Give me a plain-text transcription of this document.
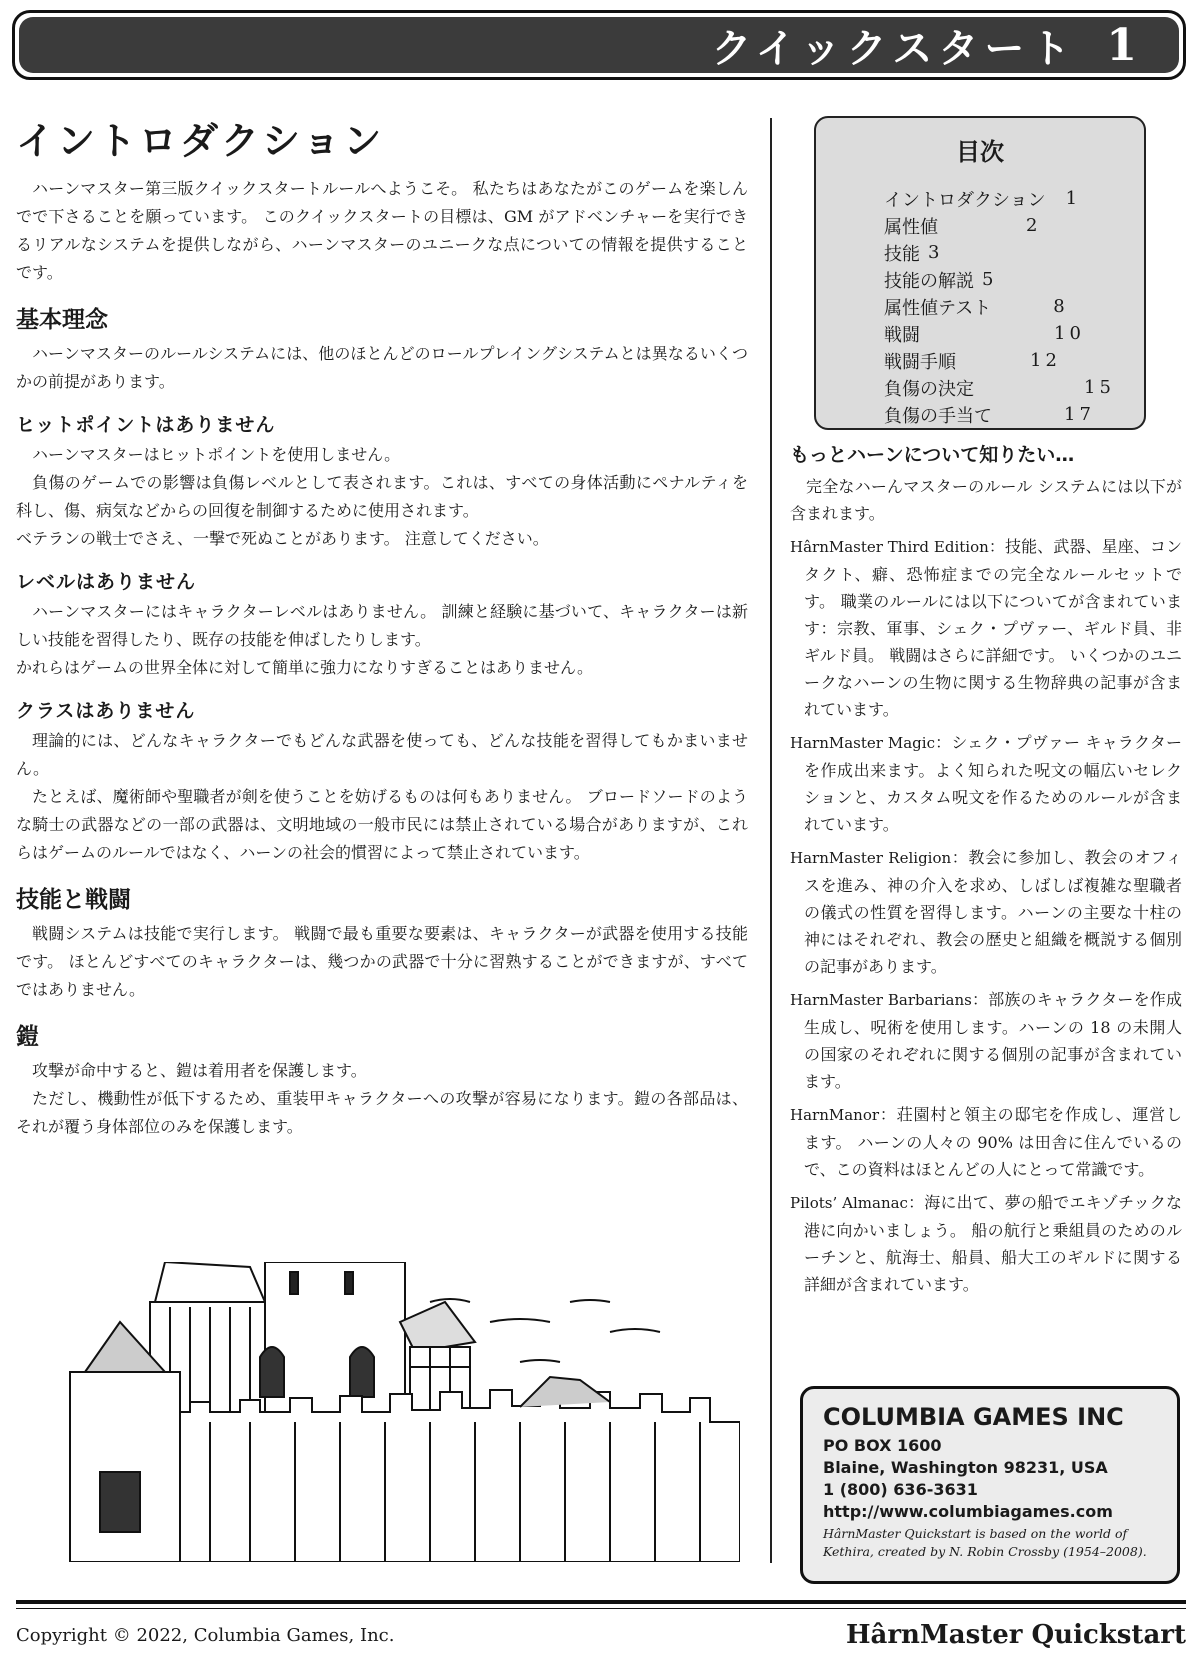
クイックスタート 1
イントロダクション

ハーンマスター第三版クイックスタートルールへようこそ。 私たちはあなたがこのゲームを楽しんでで下さることを願っています。 このクイックスタートの目標は、GM がアドベンチャーを実行できるリアルなシステムを提供しながら、ハーンマスターのユニークな点についての情報を提供することです。

基本理念

ハーンマスターのルールシステムには、他のほとんどのロールプレイングシステムとは異なるいくつかの前提があります。

ヒットポイントはありません

ハーンマスターはヒットポイントを使用しません。

負傷のゲームでの影響は負傷レベルとして表されます。これは、すべての身体活動にペナルティを科し、傷、病気などからの回復を制御するために使用されます。

ベテランの戦士でさえ、一撃で死ぬことがあります。 注意してください。

レベルはありません

ハーンマスターにはキャラクターレベルはありません。 訓練と経験に基づいて、キャラクターは新しい技能を習得したり、既存の技能を伸ばしたりします。

かれらはゲームの世界全体に対して簡単に強力になりすぎることはありません。

クラスはありません

理論的には、どんなキャラクターでもどんな武器を使っても、どんな技能を習得してもかまいません。

たとえば、魔術師や聖職者が剣を使うことを妨げるものは何もありません。 ブロードソードのような騎士の武器などの一部の武器は、文明地域の一般市民には禁止されている場合がありますが、これらはゲームのルールではなく、ハーンの社会的慣習によって禁止されています。

技能と戦闘

戦闘システムは技能で実行します。 戦闘で最も重要な要素は、キャラクターが武器を使用する技能です。 ほとんどすべてのキャラクターは、幾つかの武器で十分に習熟することができますが、すべてではありません。

鎧

攻撃が命中すると、鎧は着用者を保護します。

ただし、機動性が低下するため、重装甲キャラクターへの攻撃が容易になります。鎧の各部品は、それが覆う身体部位のみを保護します。

目次
イントロダクション 1
属性値	2
技能 3
技能の解説 5
属性値テスト	8
戦闘	10
戦闘手順	12
負傷の決定	15
負傷の手当て	17
もっとハーンについて知りたい…

完全なハーんマスターのルール システムには以下が含まれます。

HârnMaster Third Edition：技能、武器、星座、コンタクト、癖、恐怖症までの完全なルールセットです。 職業のルールには以下についてが含まれています：宗教、軍事、シェク・プヴァー、ギルド員、非ギルド員。 戦闘はさらに詳細です。 いくつかのユニークなハーンの生物に関する生物辞典の記事が含まれています。

HarnMaster Magic：シェク・プヴァー キャラクターを作成出来ます。よく知られた呪文の幅広いセレクションと、カスタム呪文を作るためのルールが含まれています。

HarnMaster Religion：教会に参加し、教会のオフィスを進み、神の介入を求め、しばしば複雑な聖職者の儀式の性質を習得します。ハーンの主要な十柱の神にはそれぞれ、教会の歴史と組織を概説する個別の記事があります。

HarnMaster Barbarians：部族のキャラクターを作成生成し、呪術を使用します。ハーンの 18 の未開人の国家のそれぞれに関する個別の記事が含まれています。

HarnManor：荘園村と領主の邸宅を作成し、運営します。 ハーンの人々の 90% は田舎に住んでいるので、この資料はほとんどの人にとって常識です。

Pilots’ Almanac：海に出て、夢の船でエキゾチックな港に向かいましょう。 船の航行と乗組員のためのルーチンと、航海士、船員、船大工のギルドに関する詳細が含まれています。

COLUMBIA GAMES INC
PO BOX 1600
Blaine, Washington 98231, USA
1 (800) 636-3631
http://www.columbiagames.com
HârnMaster Quickstart is based on the world of Kethira, created by N. Robin Crossby (1954–2008).
Copyright © 2022, Columbia Games, Inc.	HârnMaster Quickstart
